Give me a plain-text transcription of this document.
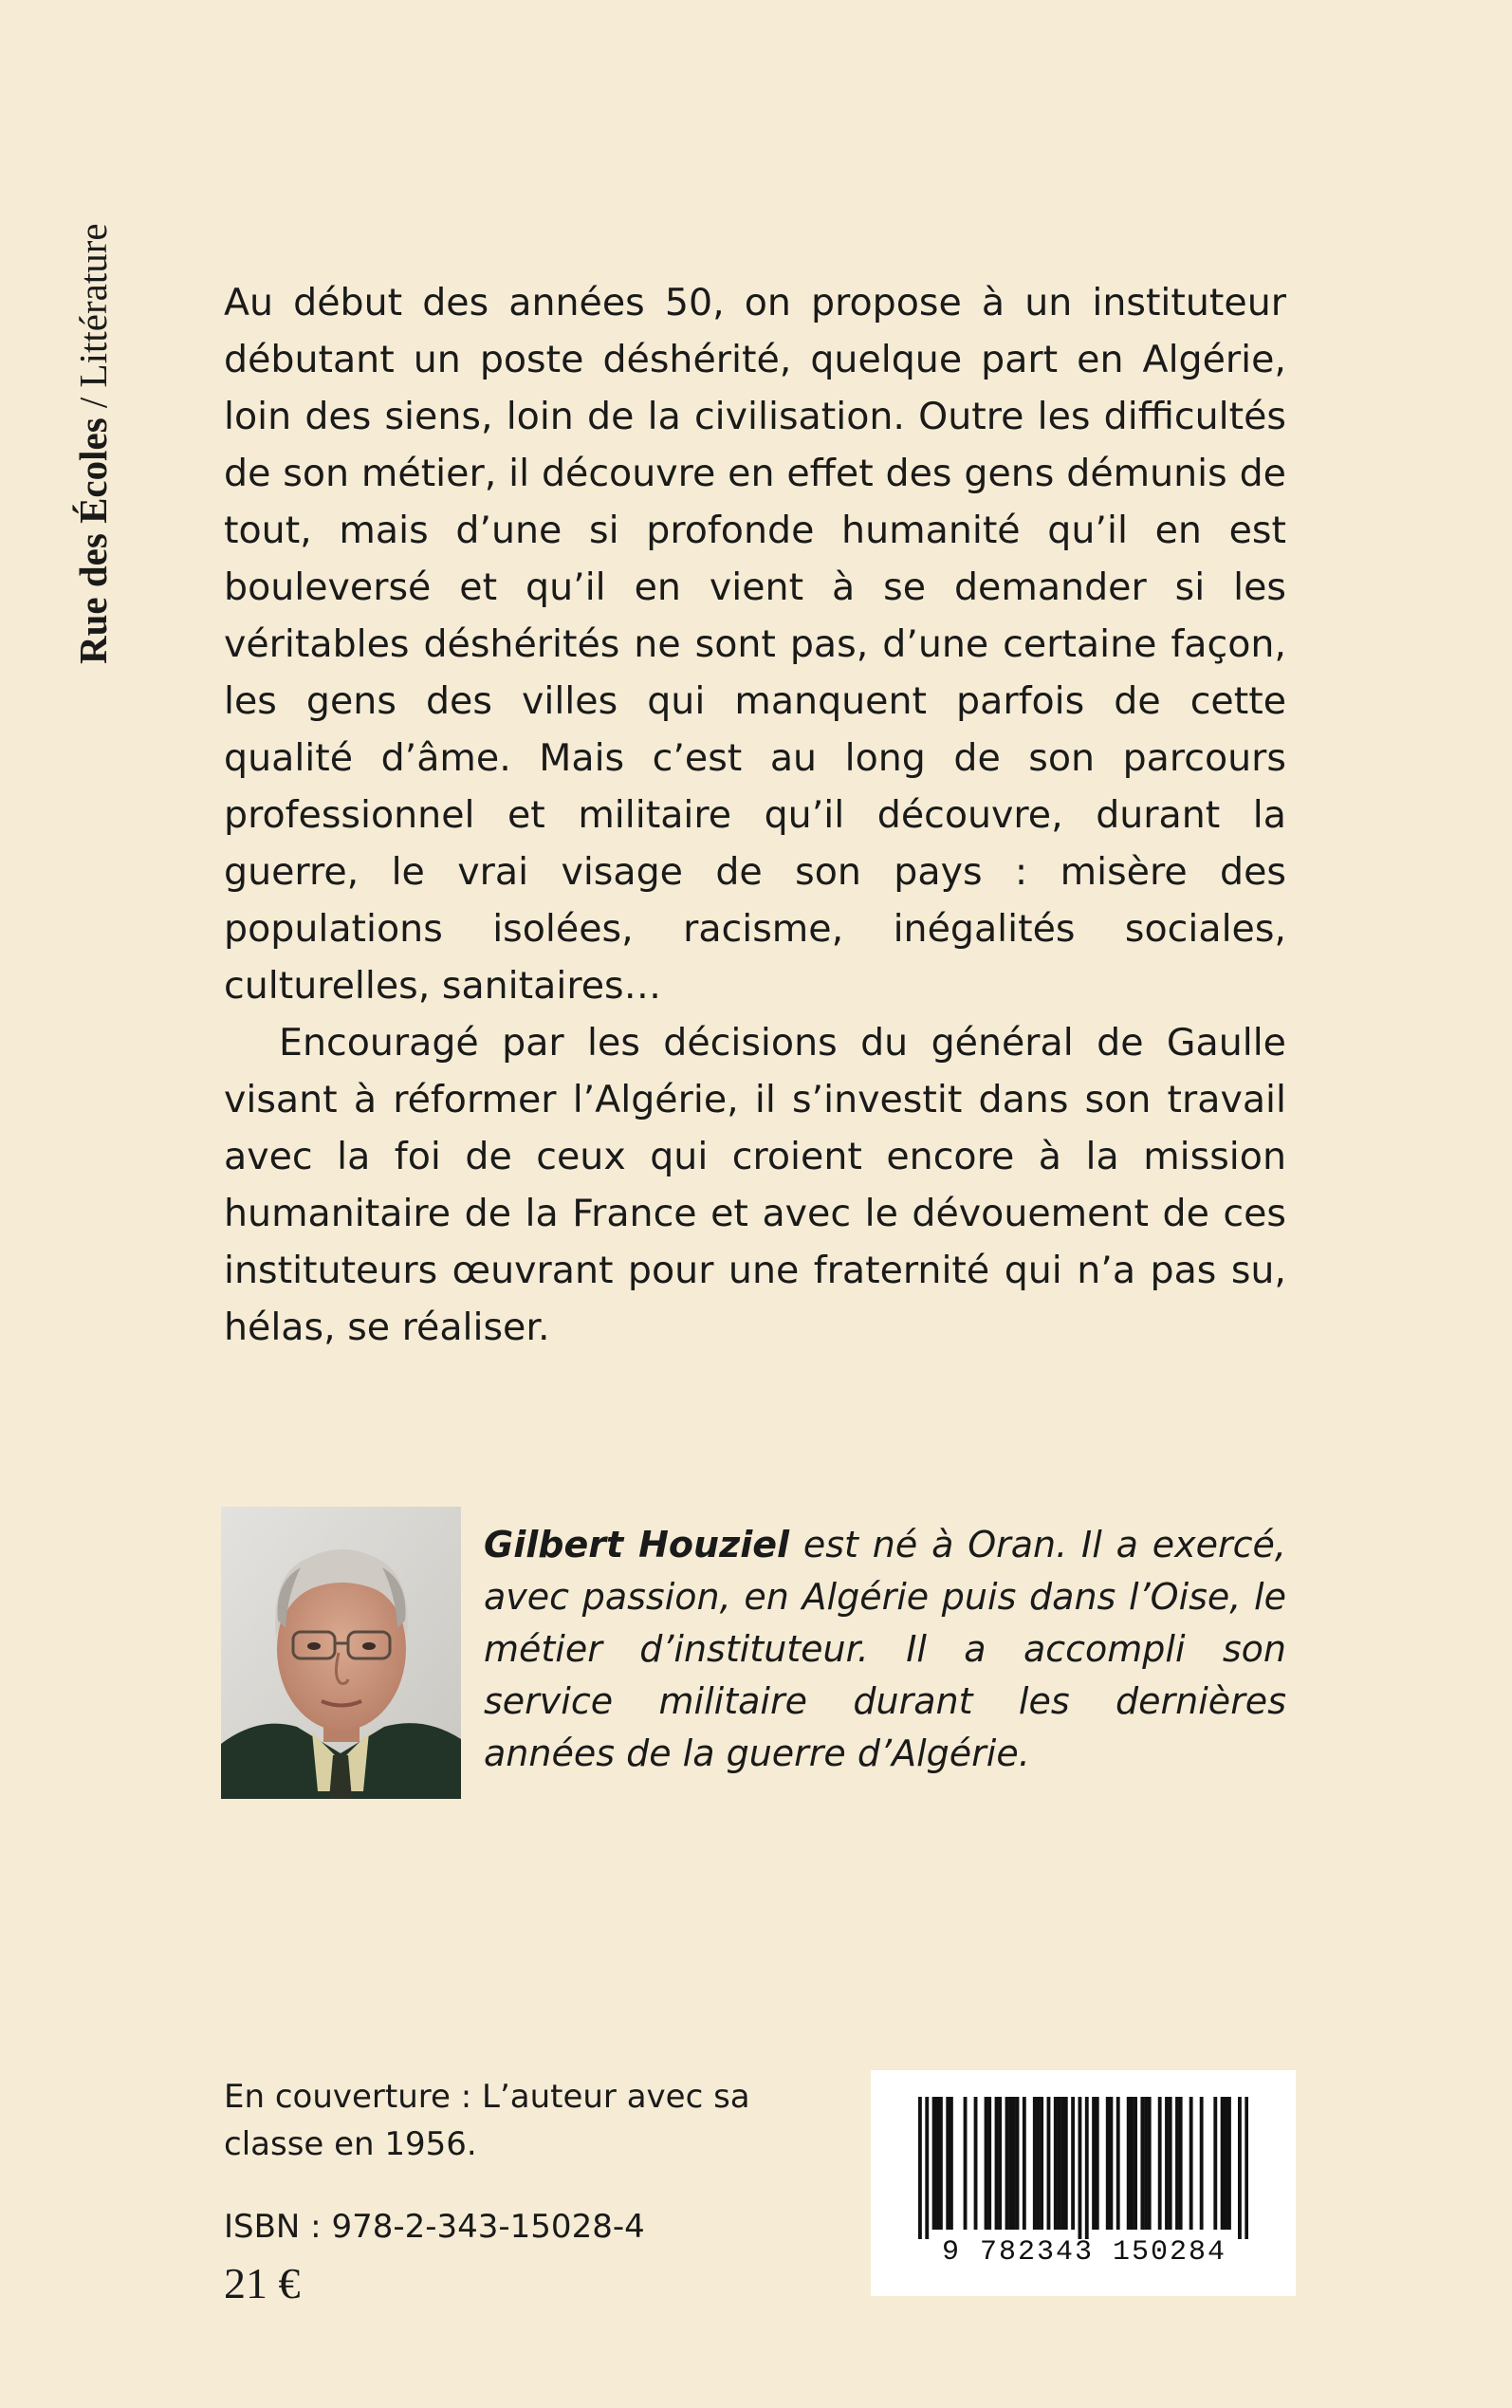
Rue des Écoles / Littérature	Au début des années 50, on propose à un instituteur débutant un poste déshérité, quelque part en Algérie, loin des siens, loin de la civilisation. Outre les difficultés de son métier, il découvre en effet des gens démunis de tout, mais d’une si profonde humanité qu’il en est bouleversé et qu’il en vient à se demander si les véritables déshérités ne sont pas, d’une certaine façon, les gens des villes qui manquent parfois de cette qualité d’âme. Mais c’est au long de son parcours professionnel et militaire qu’il découvre, durant la guerre, le vrai visage de son pays : misère des populations isolées, racisme, inégalités sociales, culturelles, sanitaires…

Encouragé par les décisions du général de Gaulle visant à réformer l’Algérie, il s’investit dans son travail avec la foi de ceux qui croient encore à la mission humanitaire de la France et avec le dévouement de ces instituteurs œuvrant pour une fraternité qui n’a pas su, hélas, se réaliser.

Gilbert Houziel est né à Oran. Il a exercé, avec passion, en Algérie puis dans l’Oise, le métier d’instituteur. Il a accompli son service militaire durant les dernières années de la guerre d’Algérie.
En couverture : L’auteur avec sa classe en 1956.
ISBN : 978-2-343-15028-4
21 €
9 782343 150284
